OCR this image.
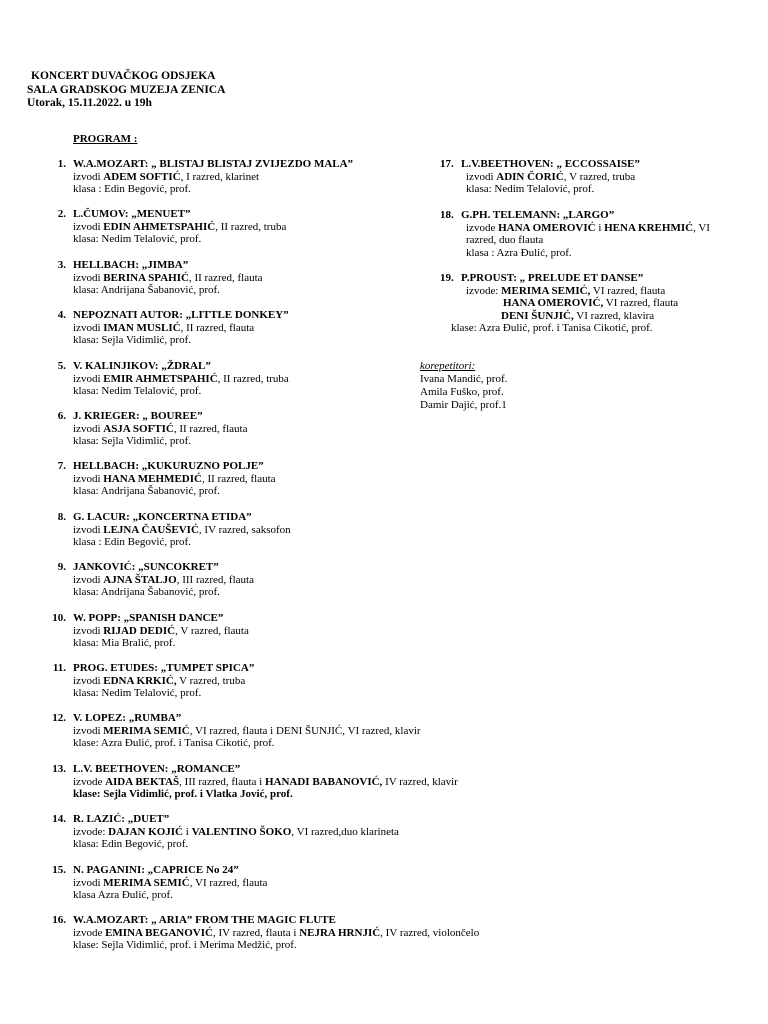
KONCERT DUVAČKOG ODSJEKA
SALA GRADSKOG MUZEJA ZENICA
Utorak, 15.11.2022. u 19h
PROGRAM :
1. W.A.MOZART: „ BLISTAJ BLISTAJ ZVIJEZDO MALA”
izvodi ADEM SOFTIĆ, I razred, klarinet
klasa : Edin Begović, prof.
2. L.ČUMOV: „MENUET”
izvodi EDIN AHMETSPAHIĆ, II razred, truba
klasa: Nedim Telalović, prof.
3. HELLBACH: „JIMBA”
izvodi BERINA SPAHIĆ, II razred, flauta
klasa: Andrijana Šabanović, prof.
4. NEPOZNATI AUTOR: „LITTLE DONKEY”
izvodi IMAN MUSLIĆ, II razred, flauta
klasa: Sejla Vidimlić, prof.
5. V. KALINJIKOV: „ŽDRAL”
izvodi EMIR AHMETSPAHIĆ, II razred, truba
klasa: Nedim Telalović, prof.
6. J. KRIEGER: „ BOUREE”
izvodi ASJA SOFTIĆ, II razred, flauta
klasa: Sejla Vidimlić, prof.
7. HELLBACH: „KUKURUZNO POLJE”
izvodi HANA MEHMEDIĆ, II razred, flauta
klasa: Andrijana Šabanović, prof.
8. G. LACUR: „KONCERTNA ETIDA”
izvodi LEJNA ČAUŠEVIĆ, IV razred, saksofon
klasa : Edin Begović, prof.
9. JANKOVIĆ: „SUNCOKRET”
izvodi AJNA ŠTALJO, III razred, flauta
klasa: Andrijana Šabanović, prof.
10. W. POPP: „SPANISH DANCE”
izvodi RIJAD DEDIĆ, V razred, flauta
klasa: Mia Bralić, prof.
11. PROG. ETUDES: „TUMPET SPICA”
izvodi EDNA KRKIĆ, V razred, truba
klasa: Nedim Telalović, prof.
12. V. LOPEZ: „RUMBA”
izvodi MERIMA SEMIĆ, VI razred, flauta i DENI ŠUNJIĆ, VI razred, klavir
klase: Azra Đulić, prof. i Tanisa Cikotić, prof.
13. L.V. BEETHOVEN: „ROMANCE”
izvode AIDA BEKTAŠ, III razred, flauta i HANADI BABANOVIĆ, IV razred, klavir
klase: Sejla Vidimlić, prof. i Vlatka Jović, prof.
14. R. LAZIĆ: „DUET”
izvode: DAJAN KOJIĆ i VALENTINO ŠOKO, VI razred,duo klarineta
klasa: Edin Begović, prof.
15. N. PAGANINI: „CAPRICE No 24”
izvodi MERIMA SEMIĆ, VI razred, flauta
klasa Azra Đulić, prof.
16. W.A.MOZART: „ ARIA” FROM THE MAGIC FLUTE
izvode EMINA BEGANOVIĆ, IV razred, flauta i NEJRA HRNJIĆ, IV razred, violončelo
klase: Sejla Vidimlić, prof. i Merima Medžić, prof.
17. L.V.BEETHOVEN: „ ECCOSSAISE”
izvodi ADIN ČORIĆ, V razred, truba
klasa: Nedim Telalović, prof.
18. G.PH. TELEMANN: „LARGO”
izvode HANA OMEROVIĆ i HENA KREHMIĆ, VI
razred, duo flauta
klasa : Azra Đulić, prof.
19. P.PROUST: „ PRELUDE ET DANSE”
izvode: MERIMA SEMIĆ, VI razred, flauta
HANA OMEROVIĆ, VI razred, flauta
DENI ŠUNJIĆ, VI razred, klavira
klase: Azra Đulić, prof. i Tanisa Cikotić, prof.
korepetitori:
Ivana Mandić, prof.
Amila Fuško, prof.
Damir Dajić, prof.1
